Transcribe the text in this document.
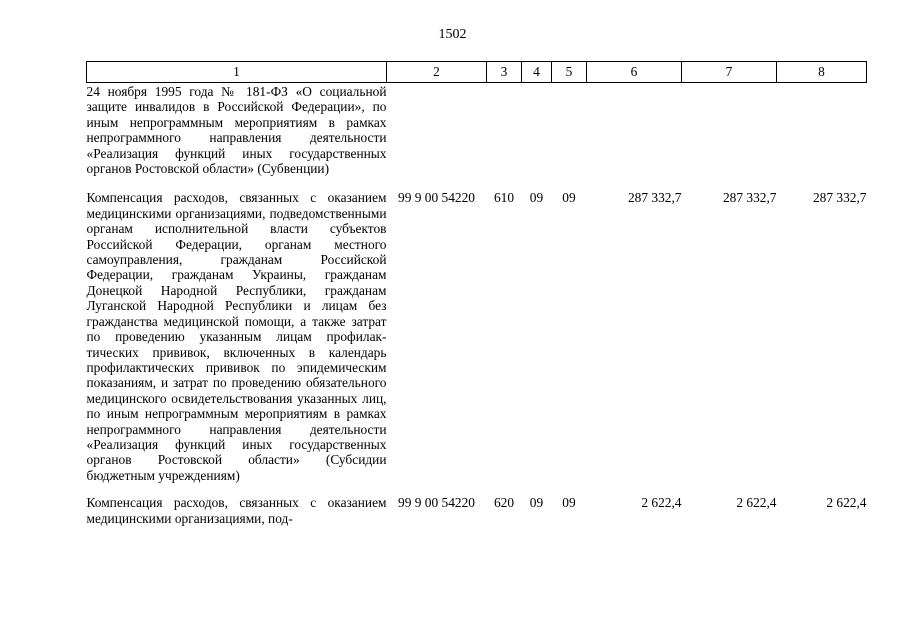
1502
1	2	3	4	5	6	7	8
24 ноября 1995 года № 181-ФЗ «О социальной защите инвалидов в Российской Федерации», по иным непрограммным мероприятиям в рамках непрограммного направления деятельности «Реализация функций иных государственных органов Ростовской области» (Субвенции)							
Компенсация расходов, связанных с оказанием медицинскими организациями, подведомственными органам исполнительной власти субъектов Российской Федерации, органам местного самоуправления, гражданам Российской Федерации, гражданам Украины, гражданам Донецкой Народной Республики, гражданам Луганской Народной Республики и лицам без гражданства медицинской помощи, а также затрат по проведению указанным лицам профилактических прививок, включенных в календарь профилактических прививок по эпидемическим показаниям, и затрат по проведению обязательного медицинского освидетельствования указанных лиц, по иным непрограммным мероприятиям в рамках непрограммного направления деятельности «Реализация функций иных государственных органов Ростовской области» (Субсидии бюджетным учреждениям)	99 9 00 54220	610	09	09	287 332,7	287 332,7	287 332,7
Компенсация расходов, связанных с оказанием медицинскими организациями, под-	99 9 00 54220	620	09	09	2 622,4	2 622,4	2 622,4
